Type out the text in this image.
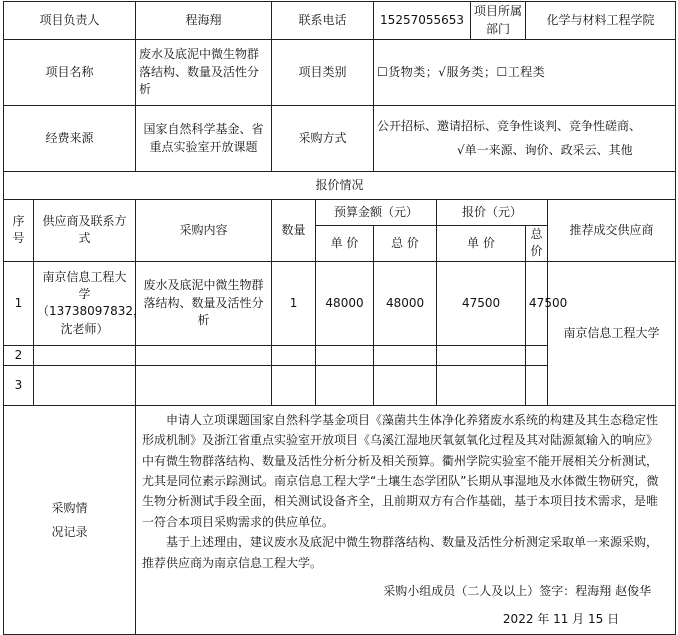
项目负责人		程海翔	联系电话		15257055653		项目所属部门	化学与材料工程学院	
项目名称		废水及底泥中微生物群落结构、数量及活性分析	项目类别		☐货物类；√服务类；☐工程类				
经费来源		国家自然科学基金、省重点实验室开放课题	采购方式		公开招标、邀请招标、竞争性谈判、竞争性磋商、
√单一来源、询价、政采云、其他				

报价情况									
序号	供应商及联系方式	采购内容	数量	预算金额（元）		报价（元）			推荐成交供应商
				单 价	总 价	单 价		总 价	
1	南京信息工程大学（13738097832，沈老师）	废水及底泥中微生物群落结构、数量及活性分析	1	48000	48000	47500		47500	南京信息工程大学
2									
3									
采购情况记录		申请人立项课题国家自然科学基金项目《藻菌共生体净化养猪废水系统的构建及其生态稳定性形成机制》及浙江省重点实验室开放项目《乌溪江湿地厌氧氨氧化过程及其对陆源氮输入的响应》中有微生物群落结构、数量及活性分析分析及相关预算。衢州学院实验室不能开展相关分析测试，尤其是同位素示踪测试。南京信息工程大学“土壤生态学团队”长期从事湿地及水体微生物研究，微生物分析测试手段全面，相关测试设备齐全，且前期双方有合作基础，基于本项目技术需求，是唯一符合本项目采购需求的供应单位。

基于上述理由，建议废水及底泥中微生物群落结构、数量及活性分析测定采取单一来源采购，推荐供应商为南京信息工程大学。

采购小组成员（二人及以上）签字：程海翔 赵俊华

2022 年 11 月 15 日							
